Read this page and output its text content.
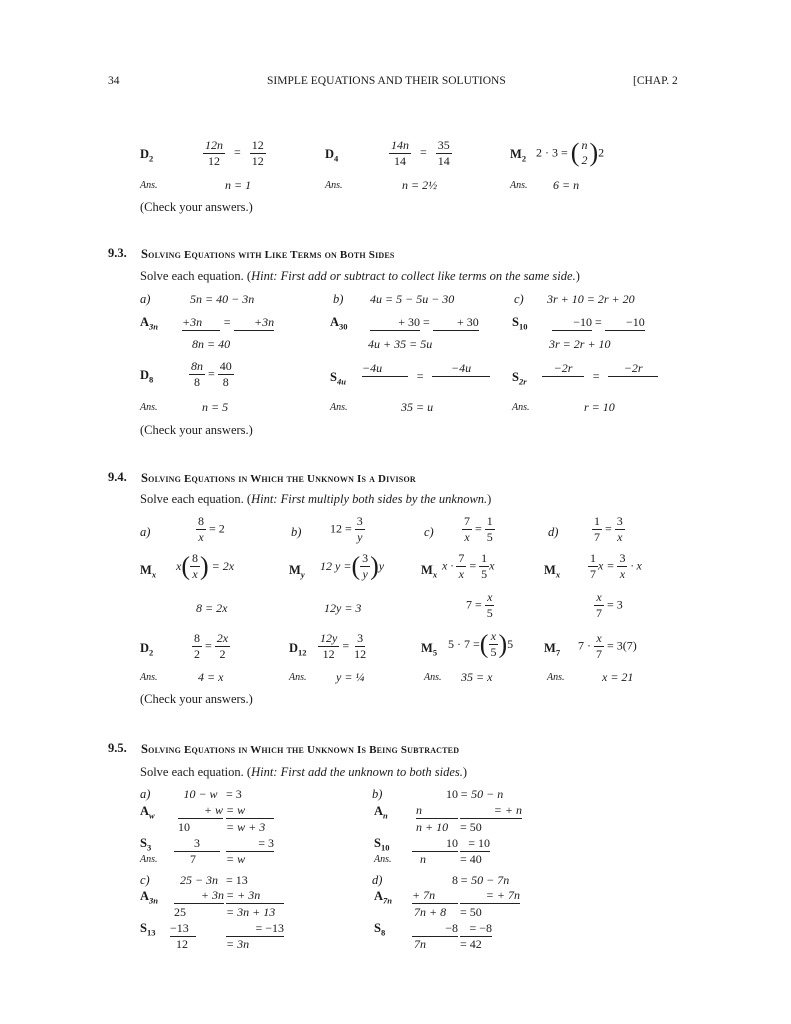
34	SIMPLE EQUATIONS AND THEIR SOLUTIONS	[CHAP. 2
$D_2$	$\frac{12n}{12} = \frac{12}{12}$
Ans.	n = 1
$D_4$	$\frac{14n}{14} = \frac{35}{14}$
Ans.	n = 2½
$M_2$ 2 · 3 = ( n
2 )2
Ans. 6 = n
(Check your answers.)
9.3. Solving Equations with Like Terms on Both Sides
Solve each equation. (Hint: First add or subtract to collect like terms on the same side.)
a)	5n = 40 − 3n
$A_{3n} +3n = +3n$
8n = 40
$D_8$	$\frac{8n}{8} = \frac{40}{8}$
Ans.	n = 5
b) 4u = 5 − 5u − 30
$A_{30}$	+ 30 = + 30
4u + 35 = 5u
$S_{4u}$
−4u=−4u
Ans.	35 = u
c) 3r + 10 = 2r + 20
$S_{10}$	−10 = −10
3r = 2r + 10
$S_{2r}$
−2r=−2r
Ans.	r = 10
(Check your answers.)
9.4. Solving Equations in Which the Unknown Is a Divisor
Solve each equation. (Hint: First multiply both sides by the unknown.)
a)	$\frac{8}{x} = 2$
$M_x$
$x( \frac{8}{x}$ ) = 2x
8 = 2x
$D_2$	$\frac{8}{2} = \frac{2x}{2}$
Ans.	4 = x
b) $12 = \frac{3}{y}$
$M_y$
12 y =( $\frac{3}{y} )y$
12y = 3
$D_{12} \frac{12y}{12} = \frac{3}{12}$
Ans. y = ¼
$c) \frac{7}{x} = \frac{1}{5}$
$M_x$
$x \cdot \frac{7}{x} = \frac{1}{5}$ x
$7 = \frac{x}{5}$
$M_5$
5 · 7 =( $\frac{x}{5} )5$
Ans. 35 = x
d)	$\frac{1}{7} = \frac{3}{x}$
$M_x \frac{1}{7}$ $x = \frac{3}{x} \cdot x$
$\frac{x}{7} = 3$
$M_7$
$7 \cdot \frac{x}{7} = 3(7)$
Ans.	x = 21
(Check your answers.)
9.5. Solving Equations in Which the Unknown Is Being Subtracted
Solve each equation. (Hint: First add the unknown to both sides.)
a)	10 − w = 3
$A_w$	+ w = w
10	= w + 3
$S_3$	3	= 3
Ans.	7	= w
b)	10 = 50 − n
$A_n$ n	= + n
n + 10 = 50
$S_{10}$	10 = 10
Ans. n	= 40
c)	25 − 3n = 13
$A_{3n}$	+ 3n = + 3n
25	= 3n + 13
$S_{13} -13$	= −13
12	= 3n
d)	8 = 50 − 7n
$A_{7n} + 7n$	= + 7n
7n + 8 = 50
$S_8$	−8 = −8
7n	= 42
